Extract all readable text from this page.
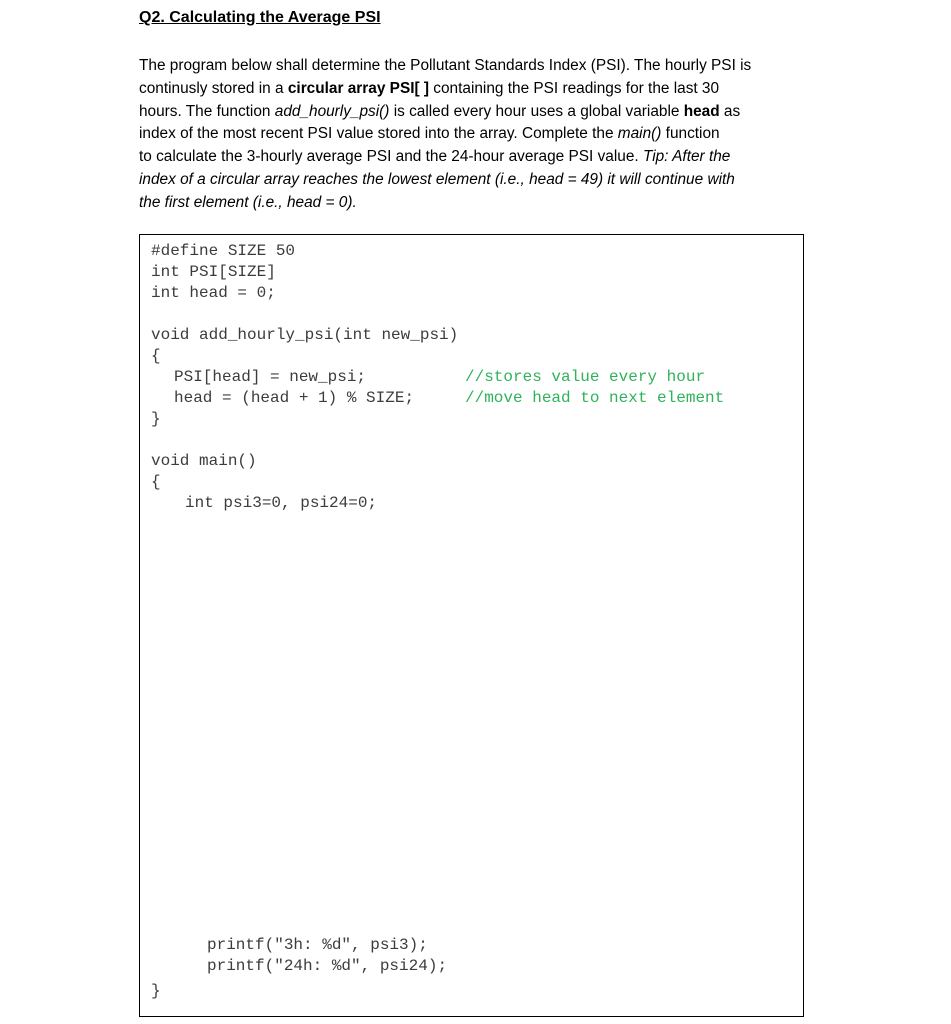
Q2. Calculating the Average PSI
The program below shall determine the Pollutant Standards Index (PSI). The hourly PSI is
continusly stored in a circular array PSI[ ] containing the PSI readings for the last 30
hours. The function add_hourly_psi() is called every hour uses a global variable head as
index of the most recent PSI value stored into the array. Complete the main() function
to calculate the 3-hourly average PSI and the 24-hour average PSI value. Tip: After the
index of a circular array reaches the lowest element (i.e., head = 49) it will continue with
the first element (i.e., head = 0).
#define SIZE 50
int PSI[SIZE]
int head = 0;
void add_hourly_psi(int new_psi)
{
PSI[head] = new_psi;	//stores value every hour
head = (head + 1) % SIZE;	//move head to next element
}
void main()
{
int psi3=0, psi24=0;
printf("3h: %d", psi3);
printf("24h: %d", psi24);
}
